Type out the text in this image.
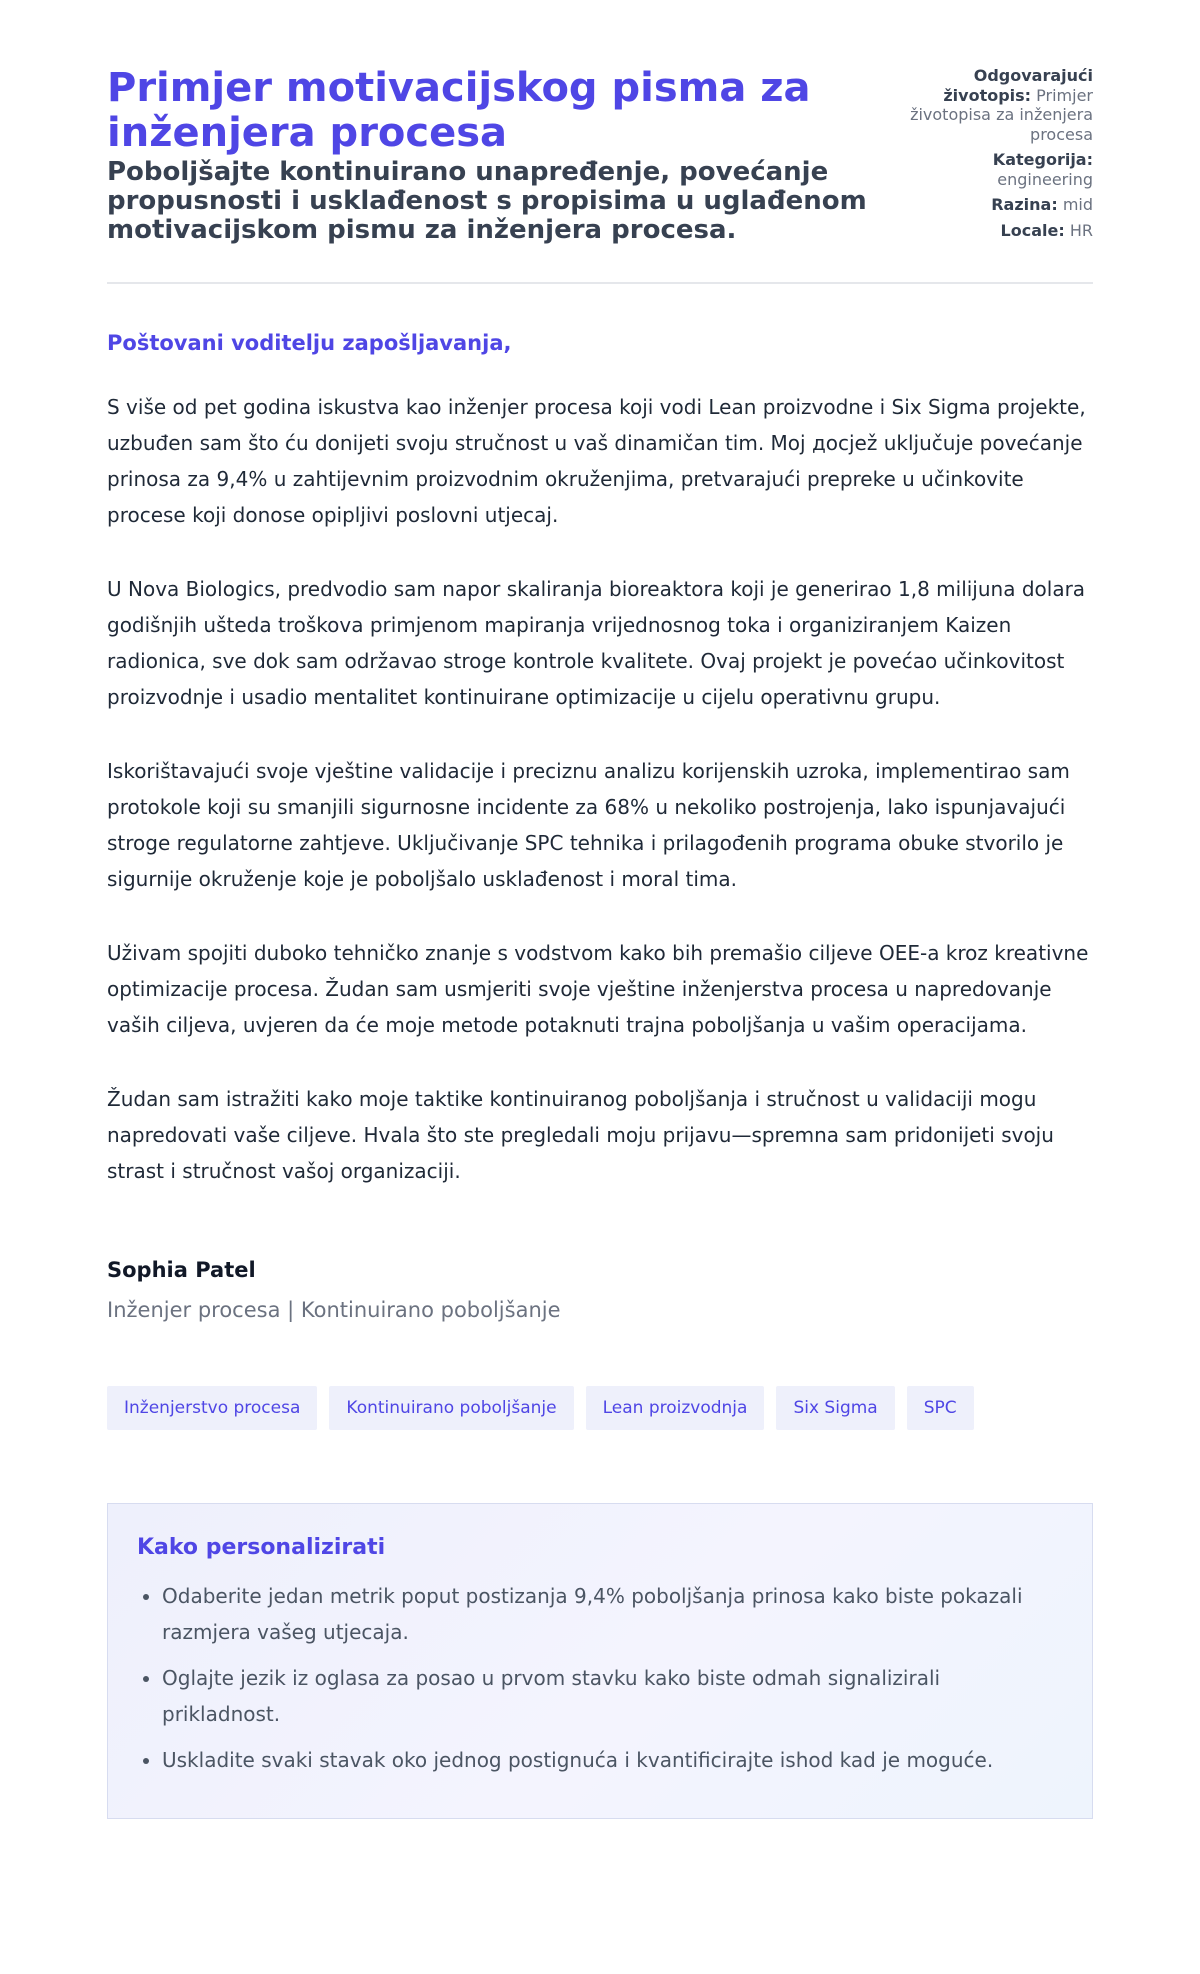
Primjer motivacijskog pisma za inženjera procesa
Poboljšajte kontinuirano unapređenje, povećanje propusnosti i usklađenost s propisima u uglađenom motivacijskom pismu za inženjera procesa.
Odgovarajući životopis: Primjer životopisa za inženjera procesa
Kategorija: engineering
Razina: mid
Locale: HR

Poštovani voditelju zapošljavanja,

S više od pet godina iskustva kao inženjer procesa koji vodi Lean proizvodne i Six Sigma projekte, uzbuđen sam što ću donijeti svoju stručnost u vaš dinamičan tim. Moj досjež uključuje povećanje prinosa za 9,4% u zahtijevnim proizvodnim okruženjima, pretvarajući prepreke u učinkovite procese koji donose opipljivi poslovni utjecaj.

U Nova Biologics, predvodio sam napor skaliranja bioreaktora koji je generirao 1,8 milijuna dolara godišnjih ušteda troškova primjenom mapiranja vrijednosnog toka i organiziranjem Kaizen radionica, sve dok sam održavao stroge kontrole kvalitete. Ovaj projekt je povećao učinkovitost proizvodnje i usadio mentalitet kontinuirane optimizacije u cijelu operativnu grupu.

Iskorištavajući svoje vještine validacije i preciznu analizu korijenskih uzroka, implementirao sam protokole koji su smanjili sigurnosne incidente za 68% u nekoliko postrojenja, lako ispunjavajući stroge regulatorne zahtjeve. Uključivanje SPC tehnika i prilagođenih programa obuke stvorilo je sigurnije okruženje koje je poboljšalo usklađenost i moral tima.

Uživam spojiti duboko tehničko znanje s vodstvom kako bih premašio ciljeve OEE-a kroz kreativne optimizacije procesa. Žudan sam usmjeriti svoje vještine inženjerstva procesa u napredovanje vaših ciljeva, uvjeren da će moje metode potaknuti trajna poboljšanja u vašim operacijama.

Žudan sam istražiti kako moje taktike kontinuiranog poboljšanja i stručnost u validaciji mogu napredovati vaše ciljeve. Hvala što ste pregledali moju prijavu—spremna sam pridonijeti svoju strast i stručnost vašoj organizaciji.

Sophia Patel

Inženjer procesa | Kontinuirano poboljšanje

Inženjerstvo procesa	Kontinuirano poboljšanje	Lean proizvodnja	Six Sigma	SPC
Kako personalizirati
• Odaberite jedan metrik poput postizanja 9,4% poboljšanja prinosa kako biste pokazali razmjera vašeg utjecaja.
• Oglajte jezik iz oglasa za posao u prvom stavku kako biste odmah signalizirali prikladnost.
• Uskladite svaki stavak oko jednog postignuća i kvantificirajte ishod kad je moguće.
